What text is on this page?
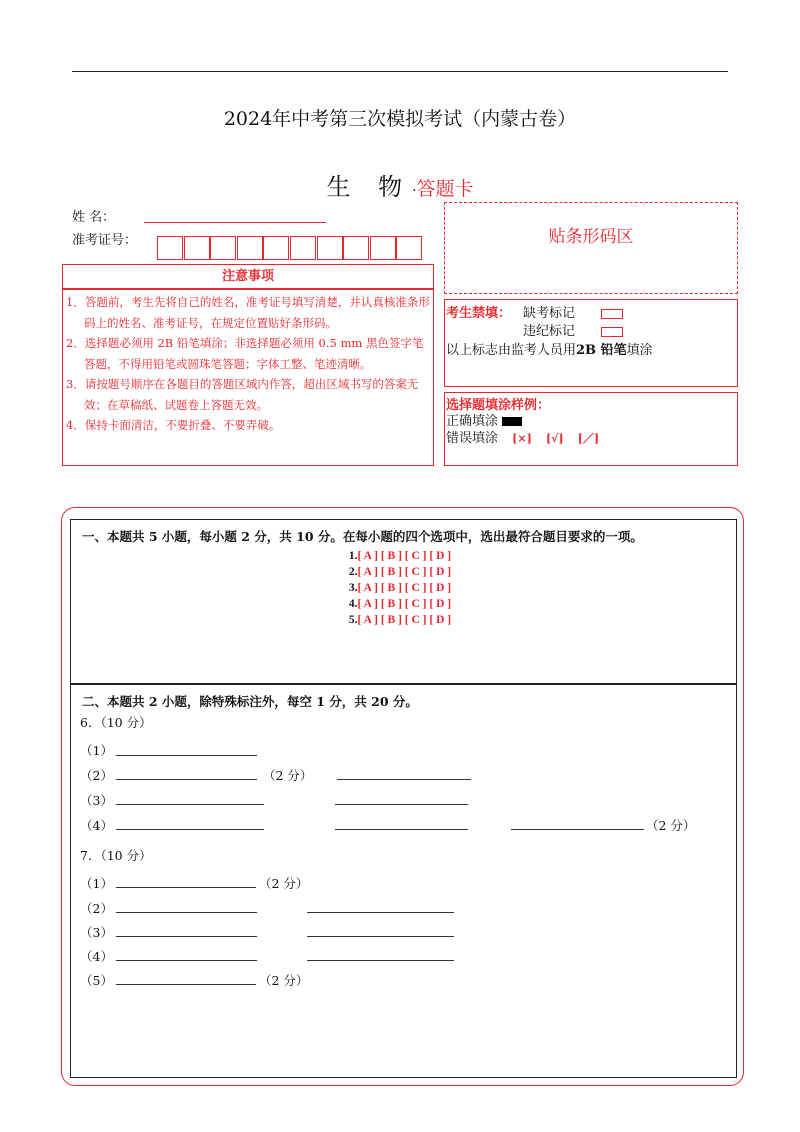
2024年中考第三次模拟考试（内蒙古卷）
生 物·答题卡
姓 名：
准考证号：
注意事项
1．答题前，考生先将自己的姓名，准考证号填写清楚，并认真核准条形码上的姓名、准考证号，在规定位置贴好条形码。
2．选择题必须用 2B 铅笔填涂；非选择题必须用 0.5 mm 黑色签字笔答题，不得用铅笔或圆珠笔答题；字体工整、笔迹清晰。
3．请按题号顺序在各题目的答题区域内作答，超出区域书写的答案无效；在草稿纸、试题卷上答题无效。
4．保持卡面清洁，不要折叠、不要弄破。
贴条形码区
考生禁填： 缺考标记
违纪标记
以上标志由监考人员用2B 铅笔填涂
选择题填涂样例：
正确填涂
错误填涂 [×] [√] [／]
一、本题共 5 小题，每小题 2 分，共 10 分。在每小题的四个选项中，选出最符合题目要求的一项。
1.[ A ] [ B ] [ C ] [ D ]
2.[ A ] [ B ] [ C ] [ D ]
3.[ A ] [ B ] [ C ] [ D ]
4.[ A ] [ B ] [ C ] [ D ]
5.[ A ] [ B ] [ C ] [ D ]
二、本题共 2 小题，除特殊标注外，每空 1 分，共 20 分。
6．（10 分）
（1）
（2）	（2 分）
（3）
（4）	（2 分）
7．（10 分）
（1）	（2 分）
（2）
（3）
（4）
（5）	（2 分）
